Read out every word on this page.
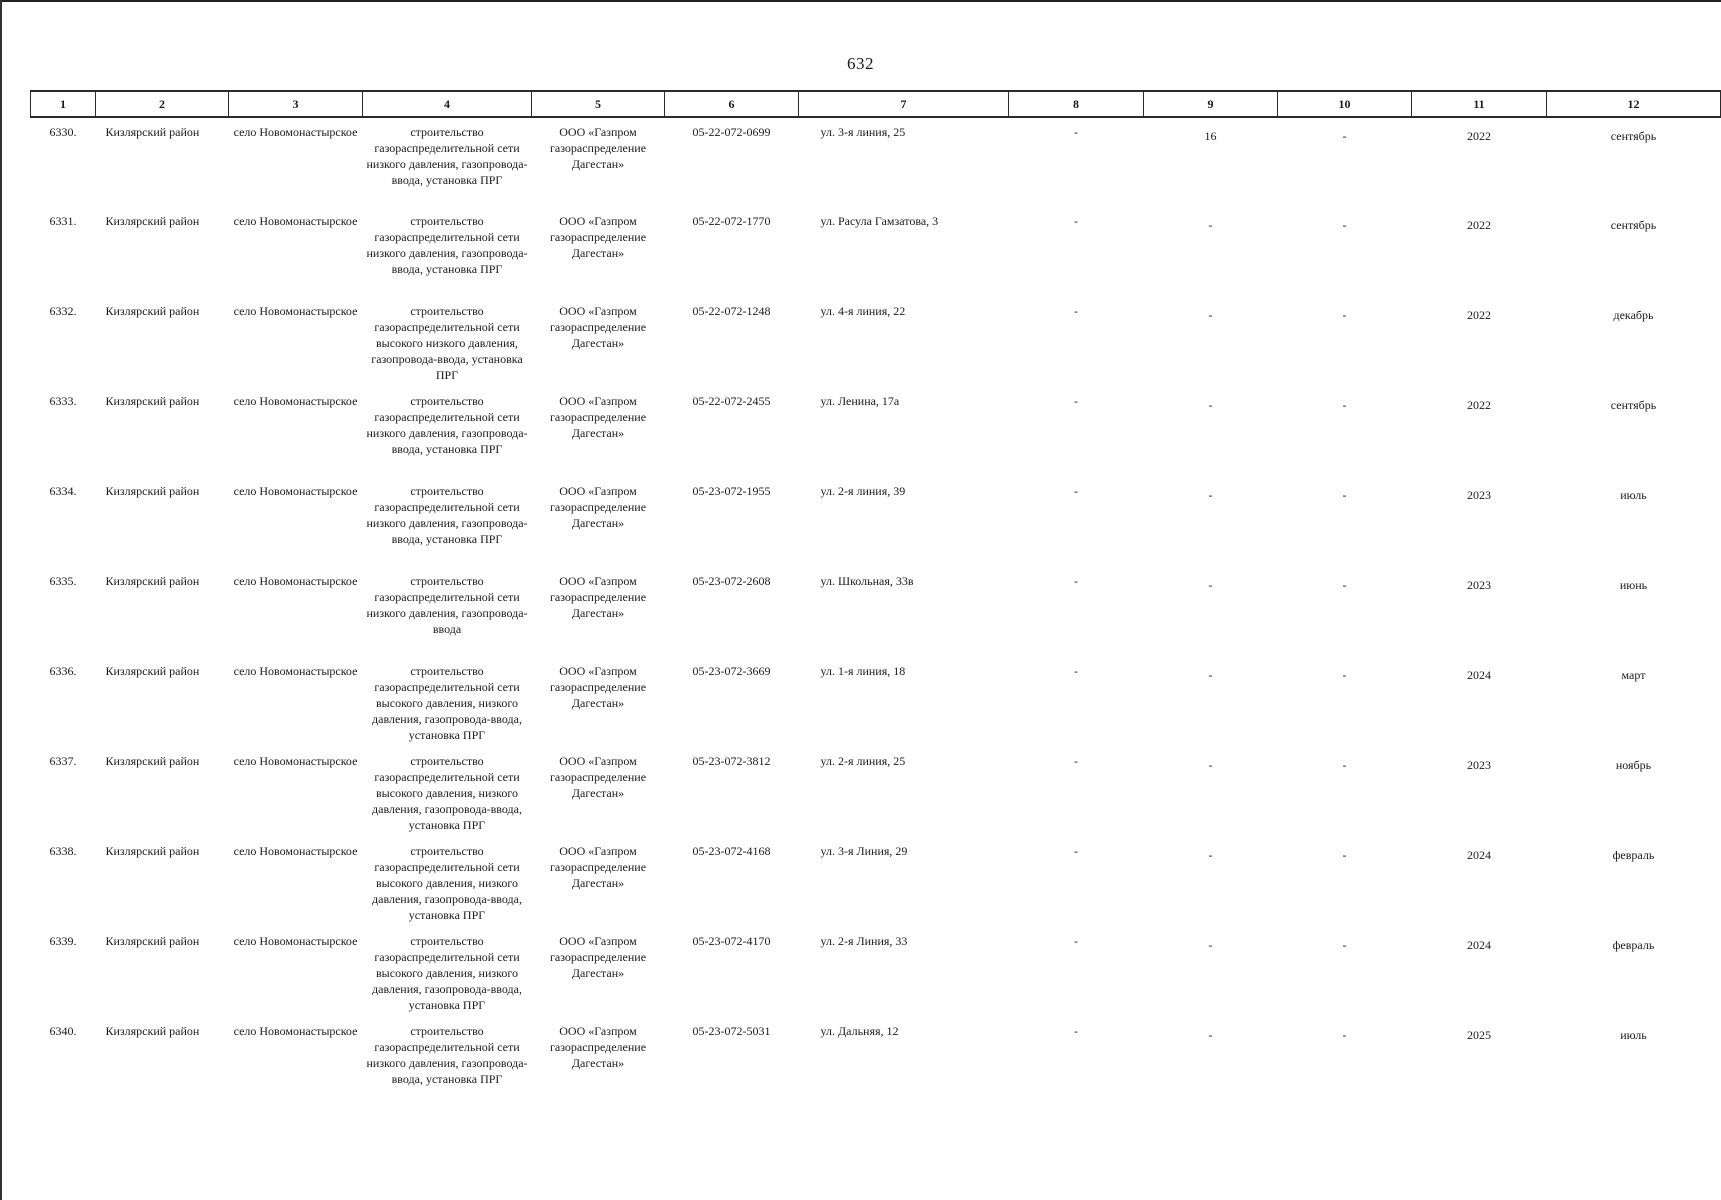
632
1	2	3	4	5	6	7	8	9	10	11	12
6330.	Кизлярский район	село Новомонастырское	строительство газораспределительной сети низкого давления, газопровода-ввода, установка ПРГ	ООО «Газпром газораспределение Дагестан»	05-22-072-0699	ул. 3-я линия, 25	-	16	-	2022	сентябрь
6331.	Кизлярский район	село Новомонастырское	строительство газораспределительной сети низкого давления, газопровода-ввода, установка ПРГ	ООО «Газпром газораспределение Дагестан»	05-22-072-1770	ул. Расула Гамзатова, 3	-	-	-	2022	сентябрь
6332.	Кизлярский район	село Новомонастырское	строительство газораспределительной сети высокого низкого давления, газопровода-ввода, установка ПРГ	ООО «Газпром газораспределение Дагестан»	05-22-072-1248	ул. 4-я линия, 22	-	-	-	2022	декабрь
6333.	Кизлярский район	село Новомонастырское	строительство газораспределительной сети низкого давления, газопровода-ввода, установка ПРГ	ООО «Газпром газораспределение Дагестан»	05-22-072-2455	ул. Ленина, 17а	-	-	-	2022	сентябрь
6334.	Кизлярский район	село Новомонастырское	строительство газораспределительной сети низкого давления, газопровода-ввода, установка ПРГ	ООО «Газпром газораспределение Дагестан»	05-23-072-1955	ул. 2-я линия, 39	-	-	-	2023	июль
6335.	Кизлярский район	село Новомонастырское	строительство газораспределительной сети низкого давления, газопровода-ввода	ООО «Газпром газораспределение Дагестан»	05-23-072-2608	ул. Школьная, 33в	-	-	-	2023	июнь
6336.	Кизлярский район	село Новомонастырское	строительство газораспределительной сети высокого давления, низкого давления, газопровода-ввода, установка ПРГ	ООО «Газпром газораспределение Дагестан»	05-23-072-3669	ул. 1-я линия, 18	-	-	-	2024	март
6337.	Кизлярский район	село Новомонастырское	строительство газораспределительной сети высокого давления, низкого давления, газопровода-ввода, установка ПРГ	ООО «Газпром газораспределение Дагестан»	05-23-072-3812	ул. 2-я линия, 25	-	-	-	2023	ноябрь
6338.	Кизлярский район	село Новомонастырское	строительство газораспределительной сети высокого давления, низкого давления, газопровода-ввода, установка ПРГ	ООО «Газпром газораспределение Дагестан»	05-23-072-4168	ул. 3-я Линия, 29	-	-	-	2024	февраль
6339.	Кизлярский район	село Новомонастырское	строительство газораспределительной сети высокого давления, низкого давления, газопровода-ввода, установка ПРГ	ООО «Газпром газораспределение Дагестан»	05-23-072-4170	ул. 2-я Линия, 33	-	-	-	2024	февраль
6340.	Кизлярский район	село Новомонастырское	строительство газораспределительной сети низкого давления, газопровода-ввода, установка ПРГ	ООО «Газпром газораспределение Дагестан»	05-23-072-5031	ул. Дальняя, 12	-	-	-	2025	июль
